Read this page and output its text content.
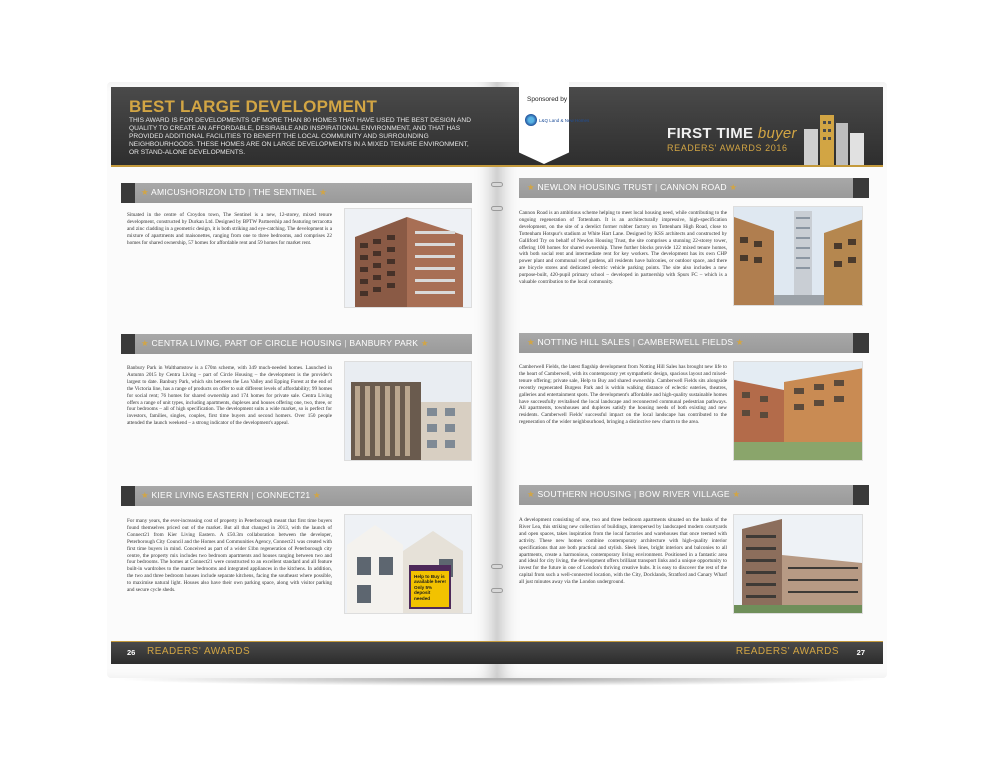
BEST LARGE DEVELOPMENT
THIS AWARD IS FOR DEVELOPMENTS OF MORE THAN 80 HOMES THAT HAVE USED THE BEST DESIGN AND QUALITY TO CREATE AN AFFORDABLE, DESIRABLE AND INSPIRATIONAL ENVIRONMENT, AND THAT HAS PROVIDED ADDITIONAL FACILITIES TO BENEFIT THE LOCAL COMMUNITY AND SURROUNDING NEIGHBOURHOODS. THESE HOMES ARE ON LARGE DEVELOPMENTS IN A MIXED TENURE ENVIRONMENT, OR STAND-ALONE DEVELOPMENTS.
★ AMICUSHORIZON LTD | THE SENTINEL ★
Situated in the centre of Croydon town, The Sentinel is a new, 12-storey, mixed tenure development, constructed by Durkan Ltd. Designed by BPTW Partnership and featuring terracotta and zinc cladding in a geometric design, it is both striking and eye-catching. The development is a mixture of apartments and maisonettes, ranging from one to three bedrooms, and comprises 22 homes for shared ownership, 57 homes for affordable rent and 59 homes for market rent.
★ CENTRA LIVING, PART OF CIRCLE HOUSING | BANBURY PARK ★
Banbury Park in Walthamstow is a £70m scheme, with 349 much-needed homes. Launched in Autumn 2015 by Centra Living – part of Circle Housing – the development is the provider's largest to date. Banbury Park, which sits between the Lea Valley and Epping Forest at the end of the Victoria line, has a range of products on offer to suit different levels of affordability; 99 homes for social rent; 76 homes for shared ownership and 174 homes for private sale. Centra Living offers a range of unit types, including apartments, duplexes and houses offering one, two, three, or four bedrooms – all of high specification. The development suits a wide market, so is perfect for investors, families, singles, couples, first time buyers and second homers. Over 150 people attended the launch weekend – a strong indicator of the development's appeal.
★ KIER LIVING EASTERN | CONNECT21 ★
For many years, the ever-increasing cost of property in Peterborough meant that first time buyers found themselves priced out of the market. But all that changed in 2013, with the launch of Connect21 from Kier Living Eastern. A £50.3m collaboration between the developer, Peterborough City Council and the Homes and Communities Agency, Connect21 was created with first time buyers in mind. Conceived as part of a wider £1bn regeneration of Peterborough city centre, the property mix includes two bedroom apartments and houses ranging between two and four bedrooms. The homes at Connect21 were constructed to an excellent standard and all feature built-in wardrobes to the master bedrooms and integrated appliances in the kitchens. In addition, the two and three bedroom houses include separate kitchens, facing the southeast where possible, to maximise natural light. Houses also have their own parking space, along with visitor parking and secure cycle sheds.
Help to Buy is available here! Only 5% deposit needed
26 READERS' AWARDS
FIRST TIME buyer
READERS' AWARDS 2016
★ NEWLON HOUSING TRUST | CANNON ROAD ★
Cannon Road is an ambitious scheme helping to meet local housing need, while contributing to the ongoing regeneration of Tottenham. It is an architecturally impressive, high-specification development, on the site of a derelict former rubber factory on Tottenham High Road, close to Tottenham Hotspur's stadium at White Hart Lane. Designed by KSS architects and constructed by Galliford Try on behalf of Newlon Housing Trust, the site comprises a stunning 22-storey tower, offering 100 homes for shared ownership. Three further blocks provide 122 mixed tenure homes, with both social rent and intermediate rent for key workers. The development has its own CHP power plant and communal roof gardens, all residents have balconies, or outdoor space, and there are bicycle stores and dedicated electric vehicle parking points. The site also includes a new purpose-built, 420-pupil primary school – developed in partnership with Spurs FC – which is a valuable contribution to the local community.
★ NOTTING HILL SALES | CAMBERWELL FIELDS ★
Camberwell Fields, the latest flagship development from Notting Hill Sales has brought new life to the heart of Camberwell, with its contemporary yet sympathetic design, spacious layout and mixed-tenure offering; private sale, Help to Buy and shared ownership. Camberwell Fields sits alongside recently regenerated Burgess Park and is within walking distance of eclectic eateries, theatres, galleries and entertainment spots. The development's affordable and high-quality sustainable homes have successfully revitalised the local landscape and reconnected communal pedestrian pathways. All apartments, townhouses and duplexes satisfy the housing needs of both existing and new residents. Camberwell Fields' successful impact on the local landscape has contributed to the regeneration of the wider neighbourhood, bringing a distinctive new charm to the area.
★ SOUTHERN HOUSING | BOW RIVER VILLAGE ★
A development consisting of one, two and three bedroom apartments situated on the banks of the River Lea, this striking new collection of buildings, interspersed by landscaped modern courtyards and open spaces, takes inspiration from the local factories and warehouses that once teemed with activity. These new homes combine contemporary architecture with high-quality interior specifications that are both practical and stylish. Sleek lines, bright interiors and balconies to all apartments, create a harmonious, contemporary living environment. Positioned in a fantastic area and ideal for city living, the development offers brilliant transport links and a unique opportunity to invest for the future in one of London's thriving creative hubs. It is easy to discover the rest of the capital from such a well-connected location, with the City, Docklands, Stratford and Canary Wharf all just minutes away via the London underground.
READERS' AWARDS 27
Sponsored by
L&Q Land & New Homes
